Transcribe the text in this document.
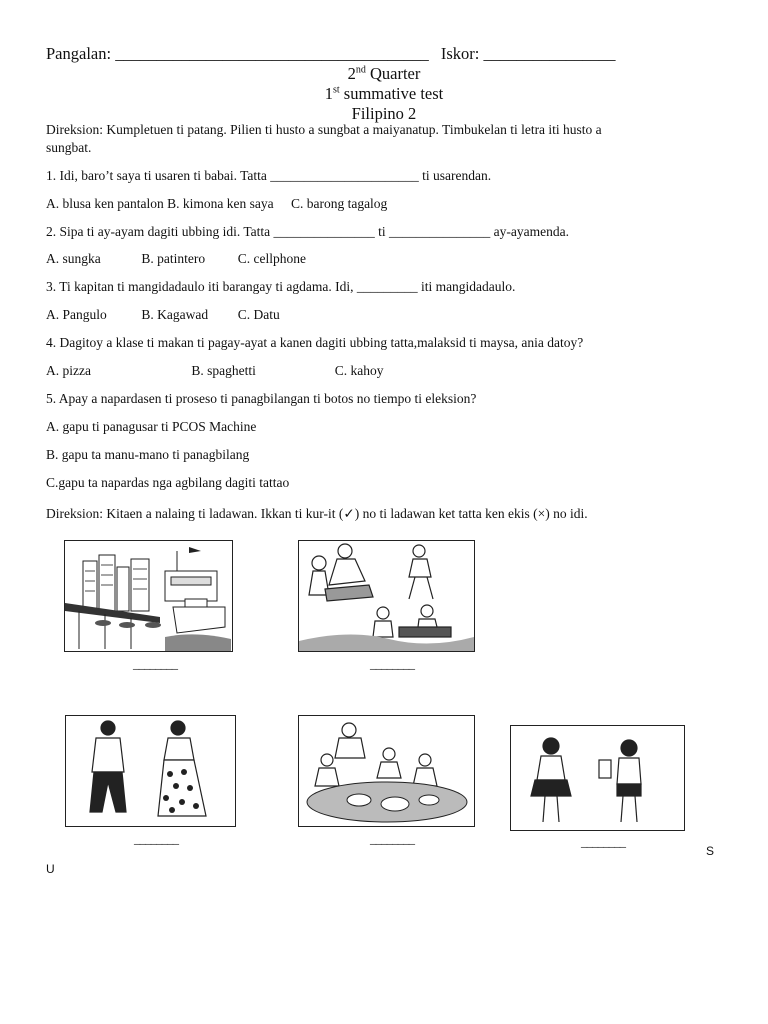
Pangalan: ______________________________________ Iskor: ________________
2nd Quarter
1st summative test
Filipino 2
Direksion: Kumpletuen ti patang. Pilien ti husto a sungbat a maiyanatup. Timbukelan ti letra iti husto a
sungbat.
1. Idi, baro’t saya ti usaren ti babai. Tatta ______________________ ti usarendan.
A. blusa ken pantalon B. kimona ken saya C. barong tagalog
2. Sipa ti ay-ayam dagiti ubbing idi. Tatta _______________ ti _______________ ay-ayamenda.
A. sungka	B. patintero C. cellphone
3. Ti kapitan ti mangidadaulo iti barangay ti agdama. Idi, _________ iti mangidadaulo.
A. Pangulo	B. Kagawad C. Datu
4. Dagitoy a klase ti makan ti pagay-ayat a kanen dagiti ubbing tatta,malaksid ti maysa, ania datoy?
A. pizza	B. spaghetti	C. kahoy
5. Apay a napardasen ti proseso ti panagbilangan ti botos no tiempo ti eleksion?
A. gapu ti panagusar ti PCOS Machine
B. gapu ta manu-mano ti panagbilang
C.gapu ta napardas nga agbilang dagiti tattao
Direksion: Kitaen a nalaing ti ladawan. Ikkan ti kur-it (✓) no ti ladawan ket tatta ken ekis (×) no idi.
________	________
________	________	________
S
U
